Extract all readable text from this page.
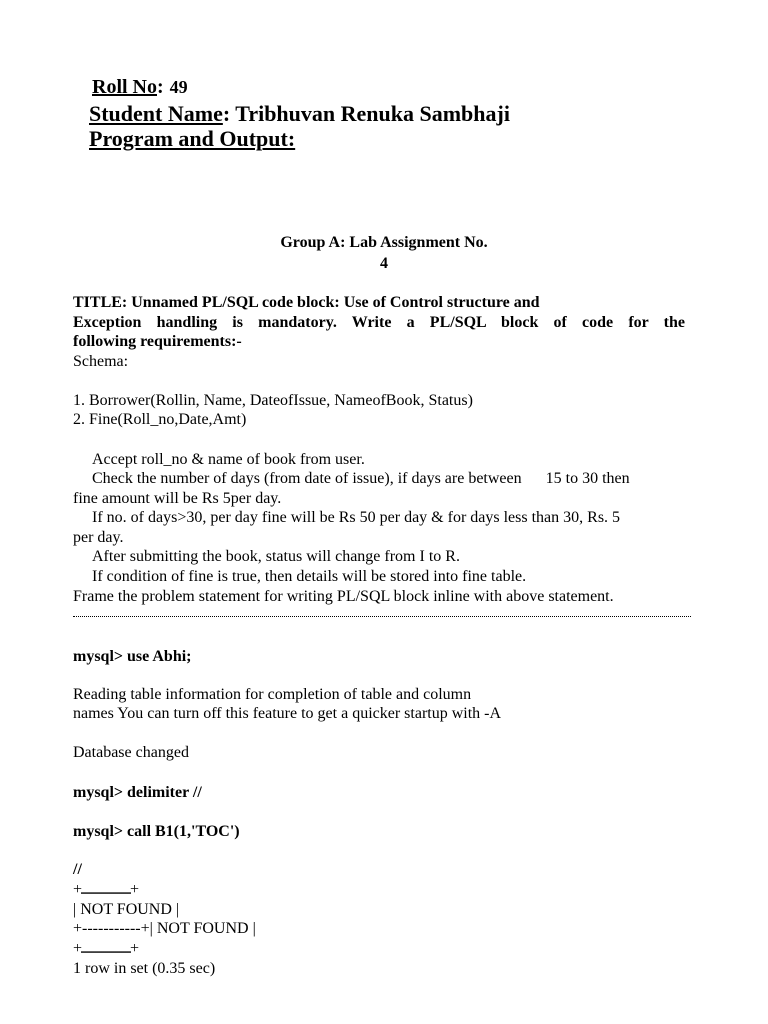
Roll No: 49
Student Name: Tribhuvan Renuka Sambhaji
Program and Output:
Group A: Lab Assignment No.
4
TITLE: Unnamed PL/SQL code block: Use of Control structure and
Exception handling is mandatory. Write a PL/SQL block of code for the
following requirements:-
Schema:
1. Borrower(Rollin, Name, DateofIssue, NameofBook, Status)
2. Fine(Roll_no,Date,Amt)
Accept roll_no & name of book from user.
Check the number of days (from date of issue), if days are between      15 to 30 then
fine amount will be Rs 5per day.
If no. of days>30, per day fine will be Rs 50 per day & for days less than 30, Rs. 5
per day.
After submitting the book, status will change from I to R.
If condition of fine is true, then details will be stored into fine table.
Frame the problem statement for writing PL/SQL block inline with above statement.
mysql> use Abhi;
Reading table information for completion of table and column
names You can turn off this feature to get a quicker startup with -A
Database changed
mysql> delimiter //
mysql> call B1(1,'TOC')
//
+.........................+
| NOT FOUND |
+-----------+| NOT FOUND |
+.........................+
1 row in set (0.35 sec)
